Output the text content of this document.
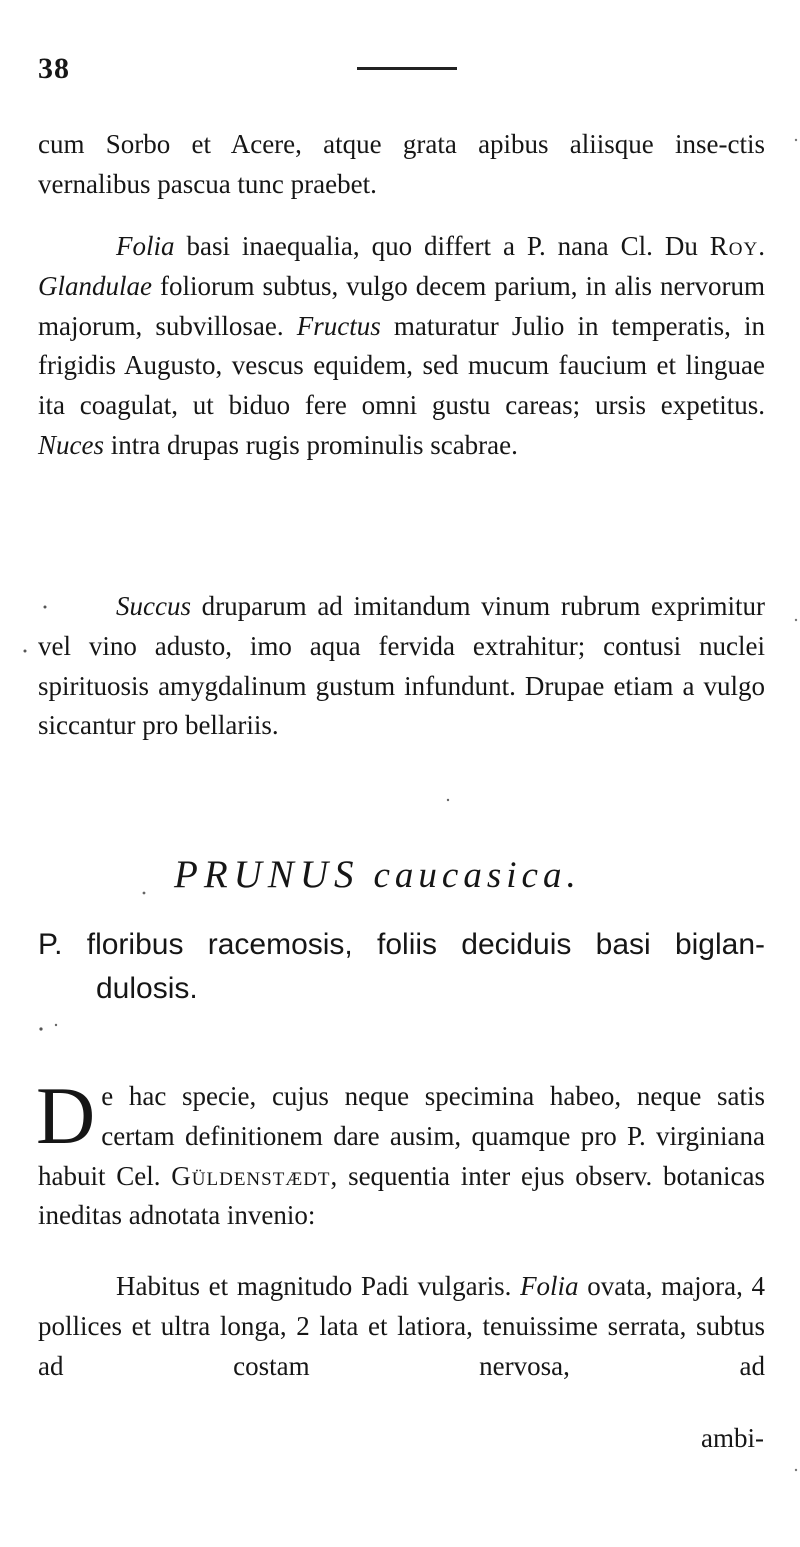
38
cum Sorbo et Acere, atque grata apibus aliisque inse-ctis vernalibus pascua tunc praebet.
Folia basi inaequalia, quo differt a P. nana Cl. Du Roy. Glandulae foliorum subtus, vulgo decem parium, in alis nervorum majorum, subvillosae. Fructus maturatur Julio in temperatis, in frigidis Augusto, vescus equidem, sed mucum faucium et linguae ita coagulat, ut biduo fere omni gustu careas; ursis expetitus. Nuces intra drupas rugis prominulis scabrae.
Succus druparum ad imitandum vinum rubrum exprimitur vel vino adusto, imo aqua fervida extrahitur; contusi nuclei spirituosis amygdalinum gustum infundunt. Drupae etiam a vulgo siccantur pro bellariis.
PRUNUS caucasica.
P. floribus racemosis, foliis deciduis basi biglan-
dulosis.
De hac specie, cujus neque specimina habeo, neque satis certam definitionem dare ausim, quamque pro P. virginiana habuit Cel. Güldenstædt, sequentia inter ejus observ. botanicas ineditas adnotata invenio:
Habitus et magnitudo Padi vulgaris. Folia ovata, majora, 4 pollices et ultra longa, 2 lata et latiora, tenuissime serrata, subtus ad costam nervosa, ad
ambi-
